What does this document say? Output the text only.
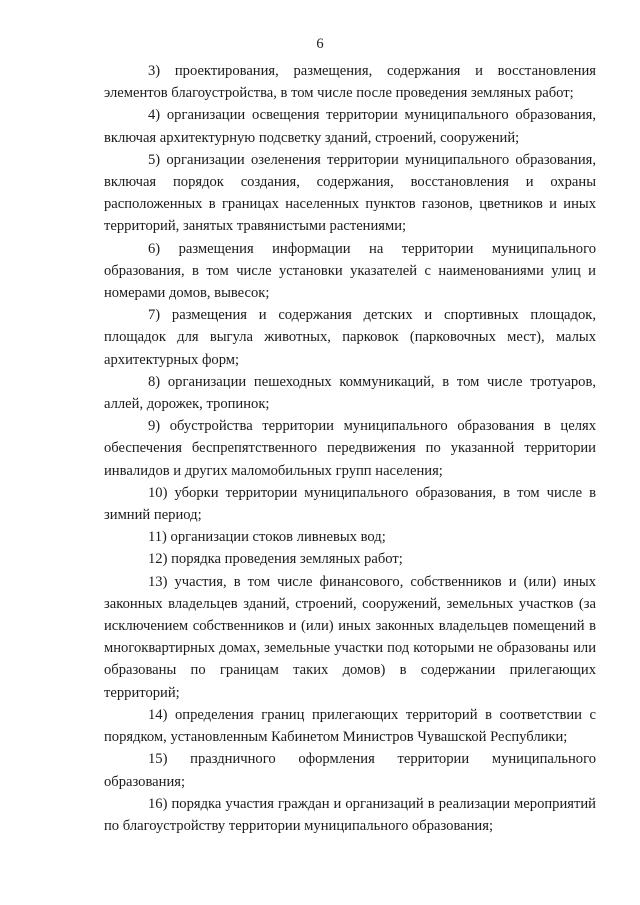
6

3) проектирования, размещения, содержания и восстановления элементов благоустройства, в том числе после проведения земляных работ;

4) организации освещения территории муниципального образования, включая архитектурную подсветку зданий, строений, сооружений;

5) организации озеленения территории муниципального образования, включая порядок создания, содержания, восстановления и охраны расположенных в границах населенных пунктов газонов, цветников и иных территорий, занятых травянистыми растениями;

6) размещения информации на территории муниципального образования, в том числе установки указателей с наименованиями улиц и номерами домов, вывесок;

7) размещения и содержания детских и спортивных площадок, площадок для выгула животных, парковок (парковочных мест), малых архитектурных форм;

8) организации пешеходных коммуникаций, в том числе тротуаров, аллей, дорожек, тропинок;

9) обустройства территории муниципального образования в целях обеспечения беспрепятственного передвижения по указанной территории инвалидов и других маломобильных групп населения;

10) уборки территории муниципального образования, в том числе в зимний период;

11) организации стоков ливневых вод;

12) порядка проведения земляных работ;

13) участия, в том числе финансового, собственников и (или) иных законных владельцев зданий, строений, сооружений, земельных участков (за исключением собственников и (или) иных законных владельцев помещений в многоквартирных домах, земельные участки под которыми не образованы или образованы по границам таких домов) в содержании прилегающих территорий;

14) определения границ прилегающих территорий в соответствии с порядком, установленным Кабинетом Министров Чувашской Республики;

15) праздничного оформления территории муниципального образования;

16) порядка участия граждан и организаций в реализации мероприятий по благоустройству территории муниципального образования;
